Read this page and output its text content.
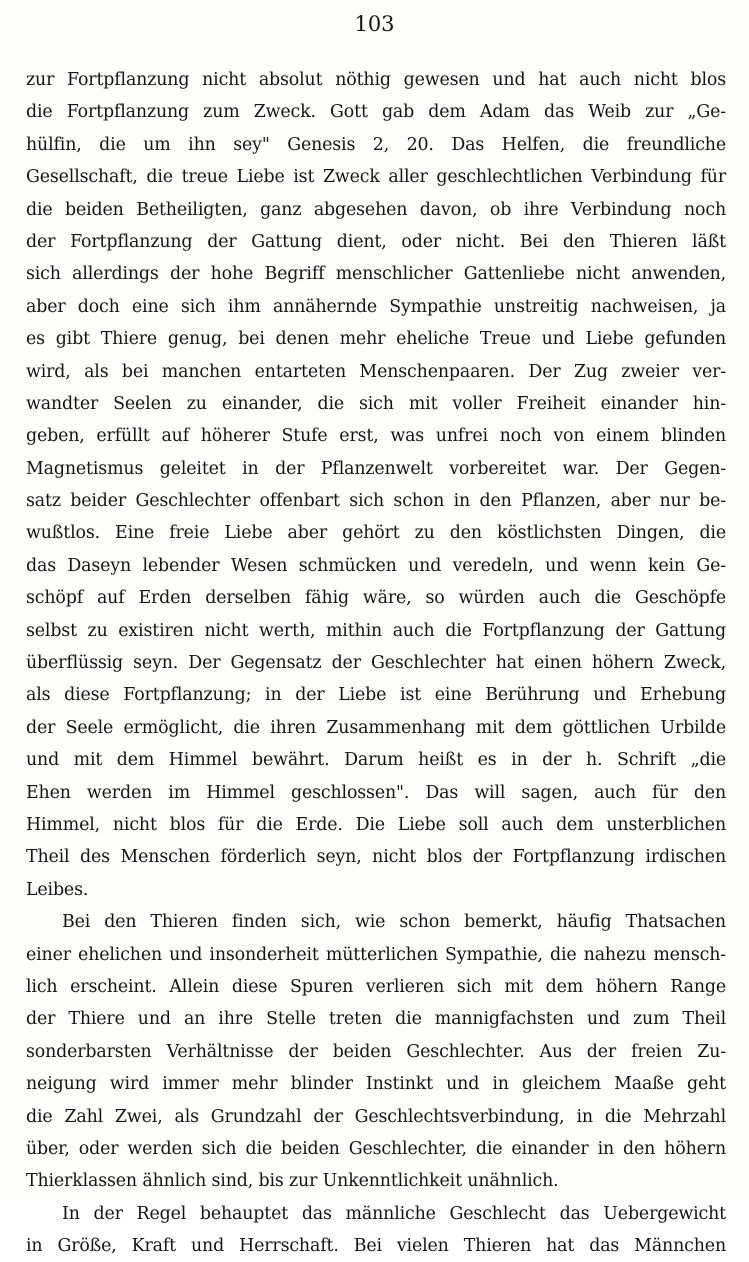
103
zur Fortpflanzung nicht absolut nöthig gewesen und hat auch nicht blos
die Fortpflanzung zum Zweck. Gott gab dem Adam das Weib zur „Ge-
hülfin, die um ihn sey" Genesis 2, 20. Das Helfen, die freundliche
Gesellschaft, die treue Liebe ist Zweck aller geschlechtlichen Verbindung für
die beiden Betheiligten, ganz abgesehen davon, ob ihre Verbindung noch
der Fortpflanzung der Gattung dient, oder nicht. Bei den Thieren läßt
sich allerdings der hohe Begriff menschlicher Gattenliebe nicht anwenden,
aber doch eine sich ihm annähernde Sympathie unstreitig nachweisen, ja
es gibt Thiere genug, bei denen mehr eheliche Treue und Liebe gefunden
wird, als bei manchen entarteten Menschenpaaren. Der Zug zweier ver-
wandter Seelen zu einander, die sich mit voller Freiheit einander hin-
geben, erfüllt auf höherer Stufe erst, was unfrei noch von einem blinden
Magnetismus geleitet in der Pflanzenwelt vorbereitet war. Der Gegen-
satz beider Geschlechter offenbart sich schon in den Pflanzen, aber nur be-
wußtlos. Eine freie Liebe aber gehört zu den köstlichsten Dingen, die
das Daseyn lebender Wesen schmücken und veredeln, und wenn kein Ge-
schöpf auf Erden derselben fähig wäre, so würden auch die Geschöpfe
selbst zu existiren nicht werth, mithin auch die Fortpflanzung der Gattung
überflüssig seyn. Der Gegensatz der Geschlechter hat einen höhern Zweck,
als diese Fortpflanzung; in der Liebe ist eine Berührung und Erhebung
der Seele ermöglicht, die ihren Zusammenhang mit dem göttlichen Urbilde
und mit dem Himmel bewährt. Darum heißt es in der h. Schrift „die
Ehen werden im Himmel geschlossen". Das will sagen, auch für den
Himmel, nicht blos für die Erde. Die Liebe soll auch dem unsterblichen
Theil des Menschen förderlich seyn, nicht blos der Fortpflanzung irdischen
Leibes.
Bei den Thieren finden sich, wie schon bemerkt, häufig Thatsachen
einer ehelichen und insonderheit mütterlichen Sympathie, die nahezu mensch-
lich erscheint. Allein diese Spuren verlieren sich mit dem höhern Range
der Thiere und an ihre Stelle treten die mannigfachsten und zum Theil
sonderbarsten Verhältnisse der beiden Geschlechter. Aus der freien Zu-
neigung wird immer mehr blinder Instinkt und in gleichem Maaße geht
die Zahl Zwei, als Grundzahl der Geschlechtsverbindung, in die Mehrzahl
über, oder werden sich die beiden Geschlechter, die einander in den höhern
Thierklassen ähnlich sind, bis zur Unkenntlichkeit unähnlich.
In der Regel behauptet das männliche Geschlecht das Uebergewicht
in Größe, Kraft und Herrschaft. Bei vielen Thieren hat das Männchen
